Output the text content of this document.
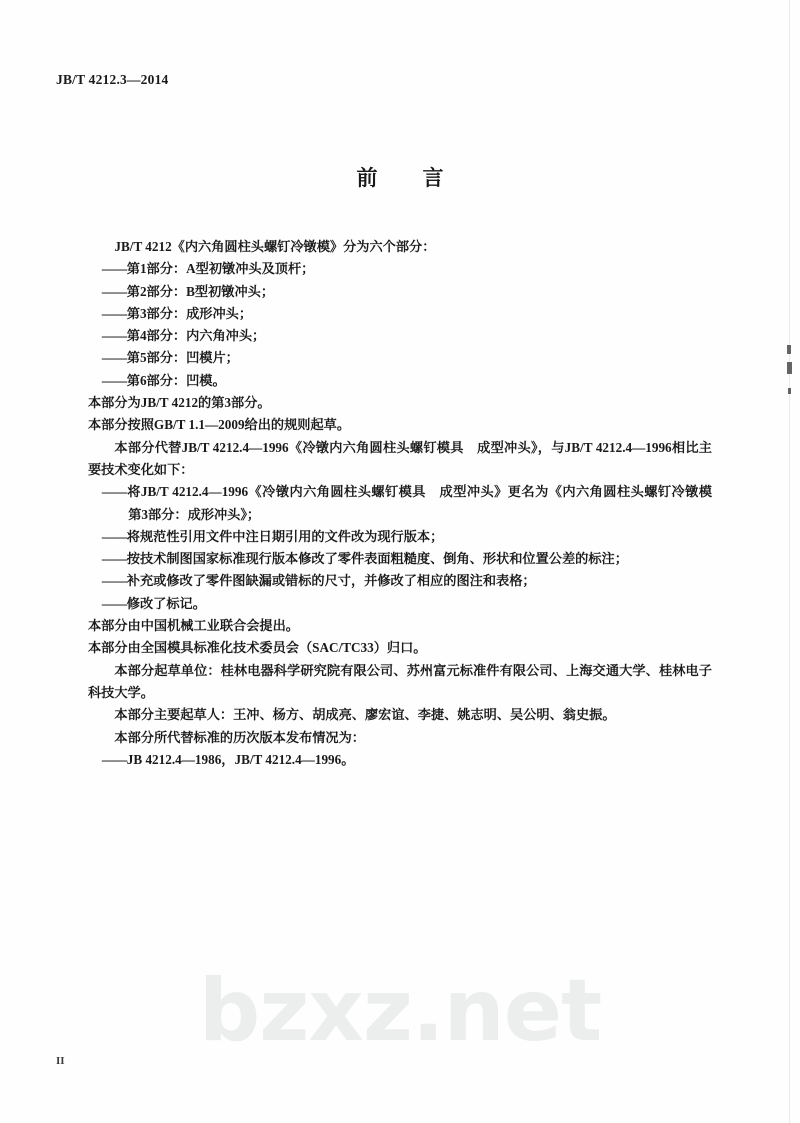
JB/T 4212.3—2014
前　言

JB/T 4212《内六角圆柱头螺钉冷镦模》分为六个部分：

——第1部分：A型初镦冲头及顶杆；

——第2部分：B型初镦冲头；

——第3部分：成形冲头；

——第4部分：内六角冲头；

——第5部分：凹模片；

——第6部分：凹模。

本部分为JB/T 4212的第3部分。

本部分按照GB/T 1.1—2009给出的规则起草。

本部分代替JB/T 4212.4—1996《冷镦内六角圆柱头螺钉模具　成型冲头》，与JB/T 4212.4—1996相比主要技术变化如下：

——将JB/T 4212.4—1996《冷镦内六角圆柱头螺钉模具　成型冲头》更名为《内六角圆柱头螺钉冷镦模　第3部分：成形冲头》；

——将规范性引用文件中注日期引用的文件改为现行版本；

——按技术制图国家标准现行版本修改了零件表面粗糙度、倒角、形状和位置公差的标注；

——补充或修改了零件图缺漏或错标的尺寸，并修改了相应的图注和表格；

——修改了标记。

本部分由中国机械工业联合会提出。

本部分由全国模具标准化技术委员会（SAC/TC33）归口。

本部分起草单位：桂林电器科学研究院有限公司、苏州富元标准件有限公司、上海交通大学、桂林电子科技大学。

本部分主要起草人：王冲、杨方、胡成亮、廖宏谊、李捷、姚志明、吴公明、翁史振。

本部分所代替标准的历次版本发布情况为：

——JB 4212.4—1986，JB/T 4212.4—1996。

bzxz.net
II
